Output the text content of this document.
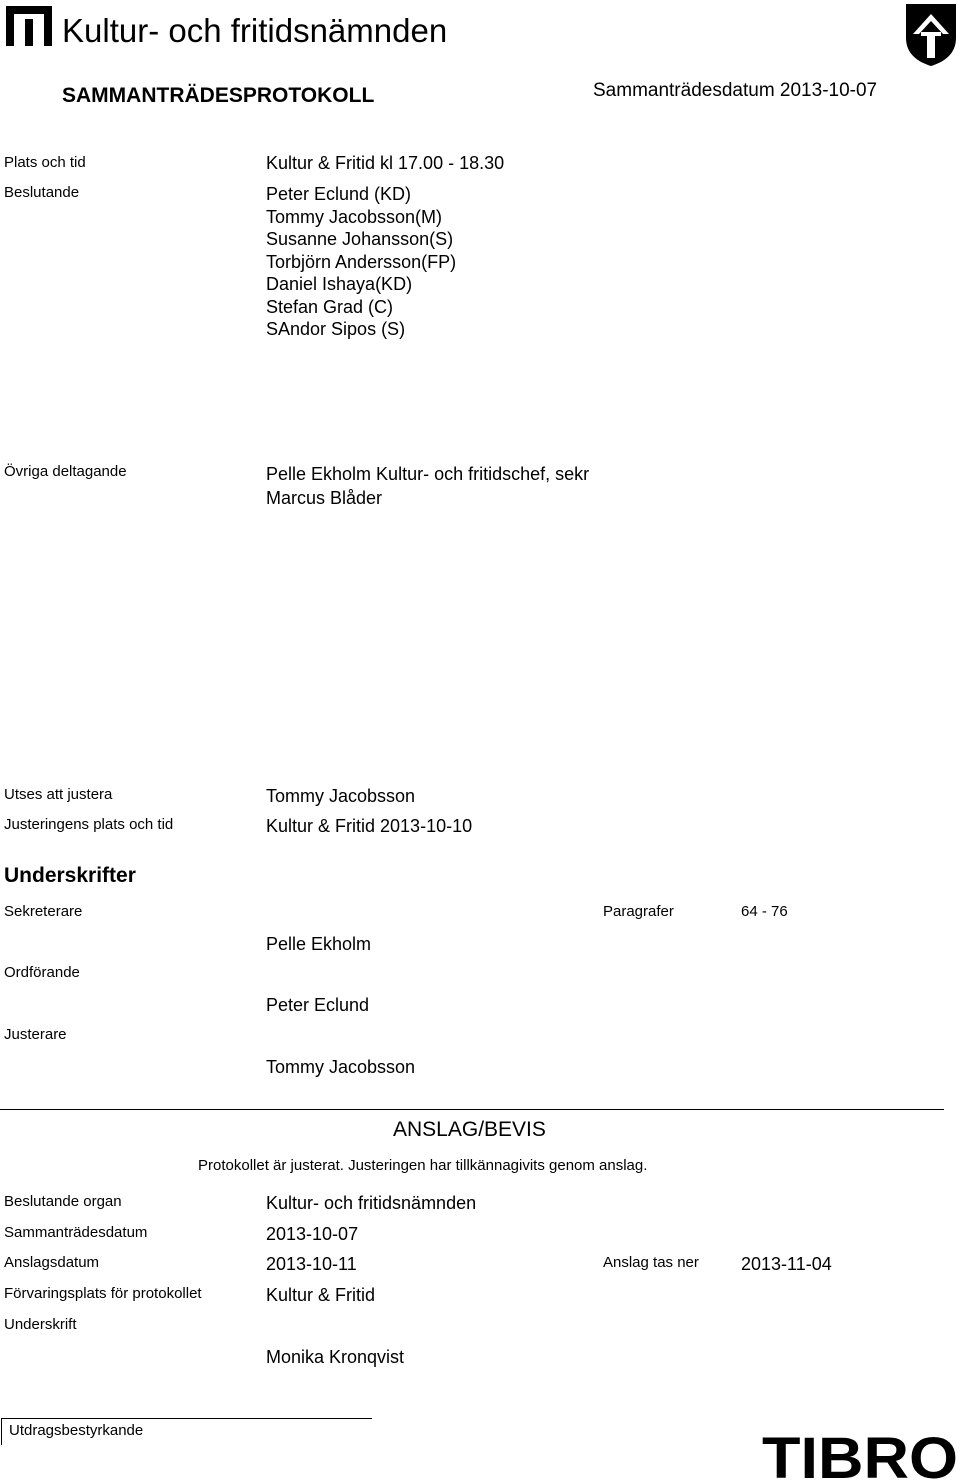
Kultur- och fritidsnämnden
SAMMANTRÄDESPROTOKOLL	Sammanträdesdatum 2013-10-07
Plats och tid	Kultur & Fritid kl 17.00 - 18.30
Beslutande	Peter Eclund (KD)
Tommy Jacobsson(M)
Susanne Johansson(S)
Torbjörn Andersson(FP)
Daniel Ishaya(KD)
Stefan Grad (C)
SAndor Sipos (S)
Övriga deltagande	Pelle Ekholm Kultur- och fritidschef, sekr
Marcus Blåder
Utses att justera	Tommy Jacobsson
Justeringens plats och tid	Kultur & Fritid 2013-10-10
Underskrifter
Sekreterare	Paragrafer	64 - 76
Pelle Ekholm
Ordförande
Peter Eclund
Justerare
Tommy Jacobsson
ANSLAG/BEVIS
Protokollet är justerat. Justeringen har tillkännagivits genom anslag.
Beslutande organ	Kultur- och fritidsnämnden
Sammanträdesdatum	2013-10-07
Anslagsdatum	2013-10-11	Anslag tas ner 2013-11-04
Förvaringsplats för protokollet	Kultur & Fritid
Underskrift
Monika Kronqvist
Utdragsbestyrkande	TIBRO
